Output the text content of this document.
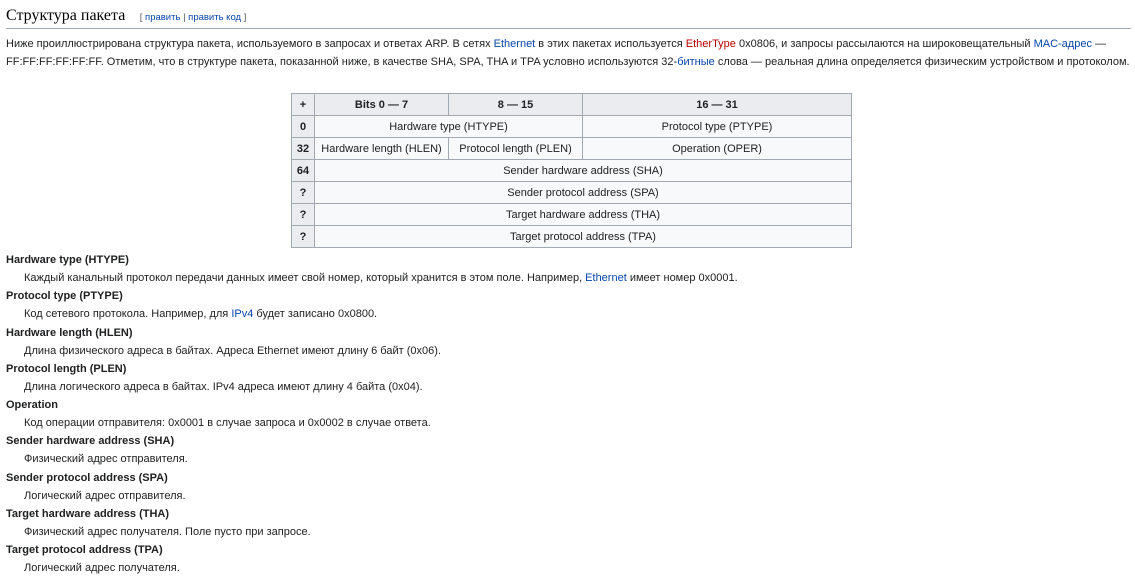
Структура пакета [ править | править код ]

Ниже проиллюстрирована структура пакета, используемого в запросах и ответах ARP. В сетях Ethernet в этих пакетах используется EtherType 0x0806, и запросы рассылаются на широковещательный MAC-адрес — FF:FF:FF:FF:FF:FF. Отметим, что в структуре пакета, показанной ниже, в качестве SHA, SPA, THA и TPA условно используются 32-битные слова — реальная длина определяется физическим устройством и протоколом.

+	Bits 0 — 7	8 — 15	16 — 31
0	Hardware type (HTYPE)		Protocol type (PTYPE)
32	Hardware length (HLEN)	Protocol length (PLEN)	Operation (OPER)
64	Sender hardware address (SHA)		
?	Sender protocol address (SPA)		
?	Target hardware address (THA)		
?	Target protocol address (TPA)		
Hardware type (HTYPE)
Каждый канальный протокол передачи данных имеет свой номер, который хранится в этом поле. Например, Ethernet имеет номер 0x0001.
Protocol type (PTYPE)
Код сетевого протокола. Например, для IPv4 будет записано 0x0800.
Hardware length (HLEN)
Длина физического адреса в байтах. Адреса Ethernet имеют длину 6 байт (0x06).
Protocol length (PLEN)
Длина логического адреса в байтах. IPv4 адреса имеют длину 4 байта (0x04).
Operation
Код операции отправителя: 0x0001 в случае запроса и 0x0002 в случае ответа.
Sender hardware address (SHA)
Физический адрес отправителя.
Sender protocol address (SPA)
Логический адрес отправителя.
Target hardware address (THA)
Физический адрес получателя. Поле пусто при запросе.
Target protocol address (TPA)
Логический адрес получателя.
